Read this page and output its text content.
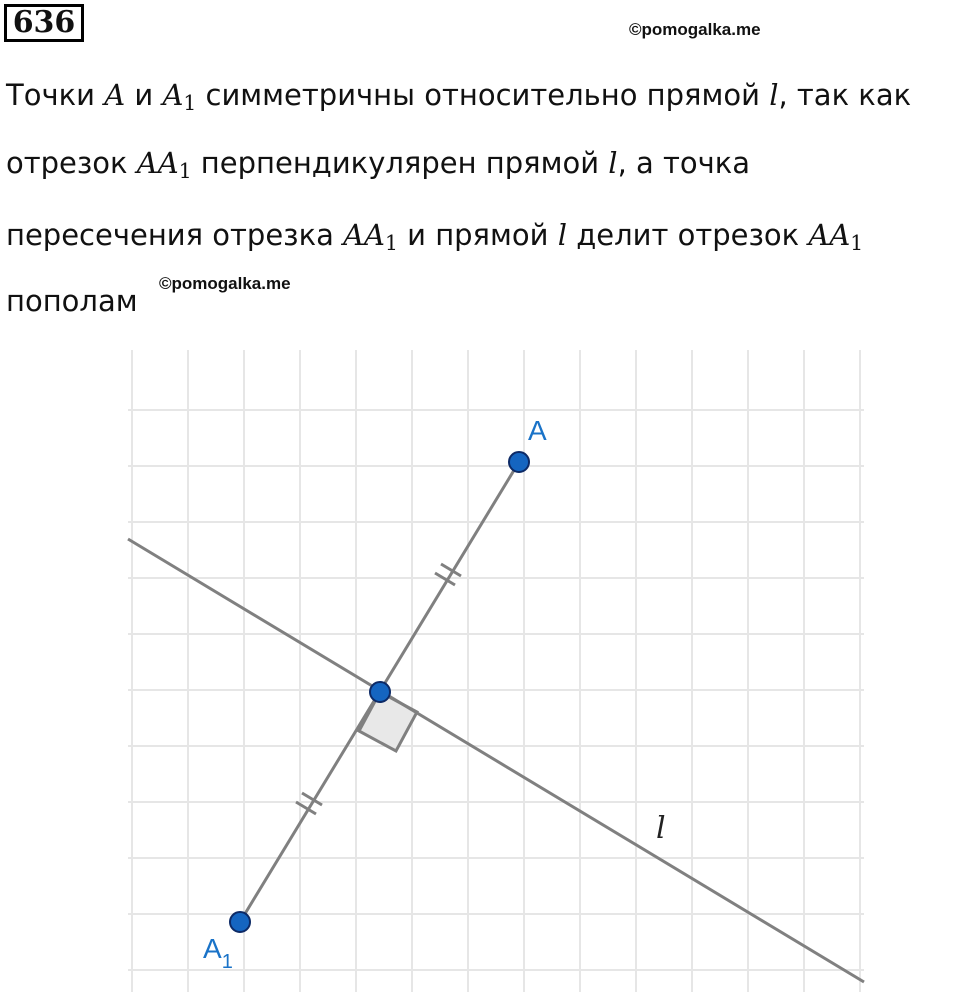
636	©pomogalka.me
Точки A и $A_1$ симметричны относительно прямой l, так как
отрезок $AA_1$ перпендикулярен прямой l, а точка
пересечения отрезка $AA_1$ и прямой l делит отрезок $AA_1$
пополам
©pomogalka.me
A
$A_1$
l
